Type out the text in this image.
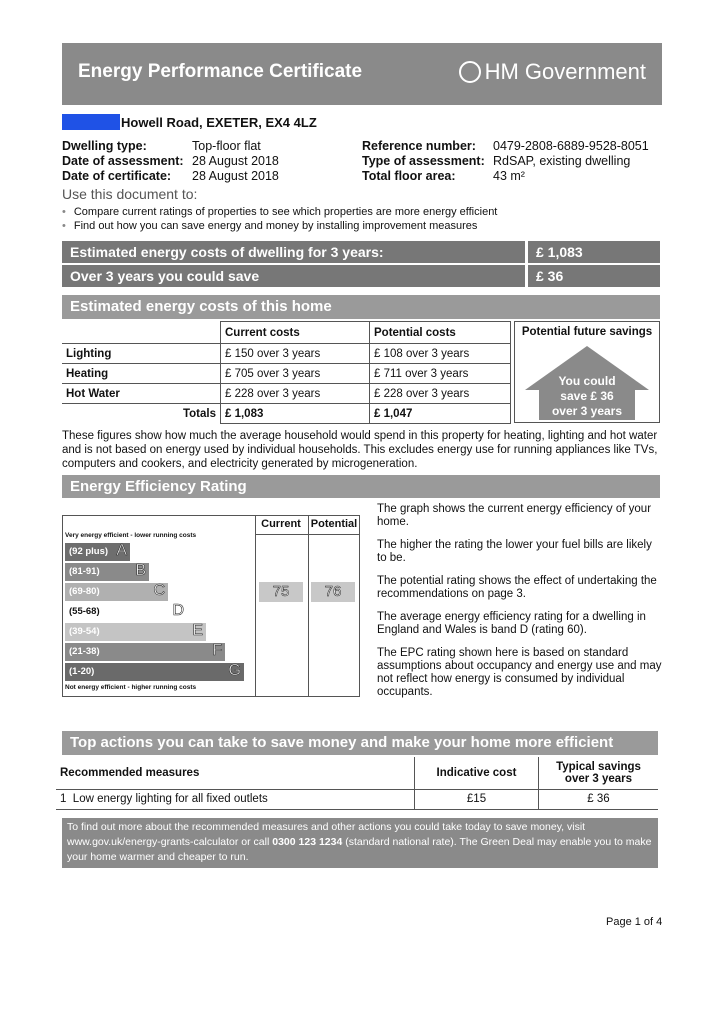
Energy Performance Certificate	HM Government
Howell Road, EXETER, EX4 4LZ
Dwelling type:	Top-floor flat
Date of assessment: 28 August 2018
Date of certificate: 28 August 2018
Reference number: 0479-2808-6889-9528-8051
Type of assessment: RdSAP, existing dwelling
Total floor area:	43 m²
Use this document to:
• Compare current ratings of properties to see which properties are more energy efficient
• Find out how you can save energy and money by installing improvement measures
Estimated energy costs of dwelling for 3 years:	£ 1,083
Over 3 years you could save	£ 36
Estimated energy costs of this home
	Current costs	Potential costs
Lighting	£ 150 over 3 years	£ 108 over 3 years
Heating	£ 705 over 3 years	£ 711 over 3 years
Hot Water	£ 228 over 3 years	£ 228 over 3 years
Totals	£ 1,083	£ 1,047
Potential future savings
You could
save £ 36
over 3 years
These figures show how much the average household would spend in this property for heating, lighting and hot water and is not based on energy used by individual households. This excludes energy use for running appliances like TVs, computers and cookers, and electricity generated by microgeneration.
Energy Efficiency Rating
Current Potential
Very energy efficient - lower running costs
Not energy efficient - higher running costs
(92 plus) A
(81-91) B
(69-80)	C
(55-68)	D
(39-54)	E
(21-38)	F
(1-20)	G
75	76

The graph shows the current energy efficiency of your home.

The higher the rating the lower your fuel bills are likely to be.

The potential rating shows the effect of undertaking the recommendations on page 3.

The average energy efficiency rating for a dwelling in England and Wales is band D (rating 60).

The EPC rating shown here is based on standard assumptions about occupancy and energy use and may not reflect how energy is consumed by individual occupants.

Top actions you can take to save money and make your home more efficient
Recommended measures	Indicative cost	Typical savings over 3 years
1 Low energy lighting for all fixed outlets	£15	£ 36
To find out more about the recommended measures and other actions you could take today to save money, visit www.gov.uk/energy-grants-calculator or call 0300 123 1234 (standard national rate). The Green Deal may enable you to make your home warmer and cheaper to run.
Page 1 of 4
